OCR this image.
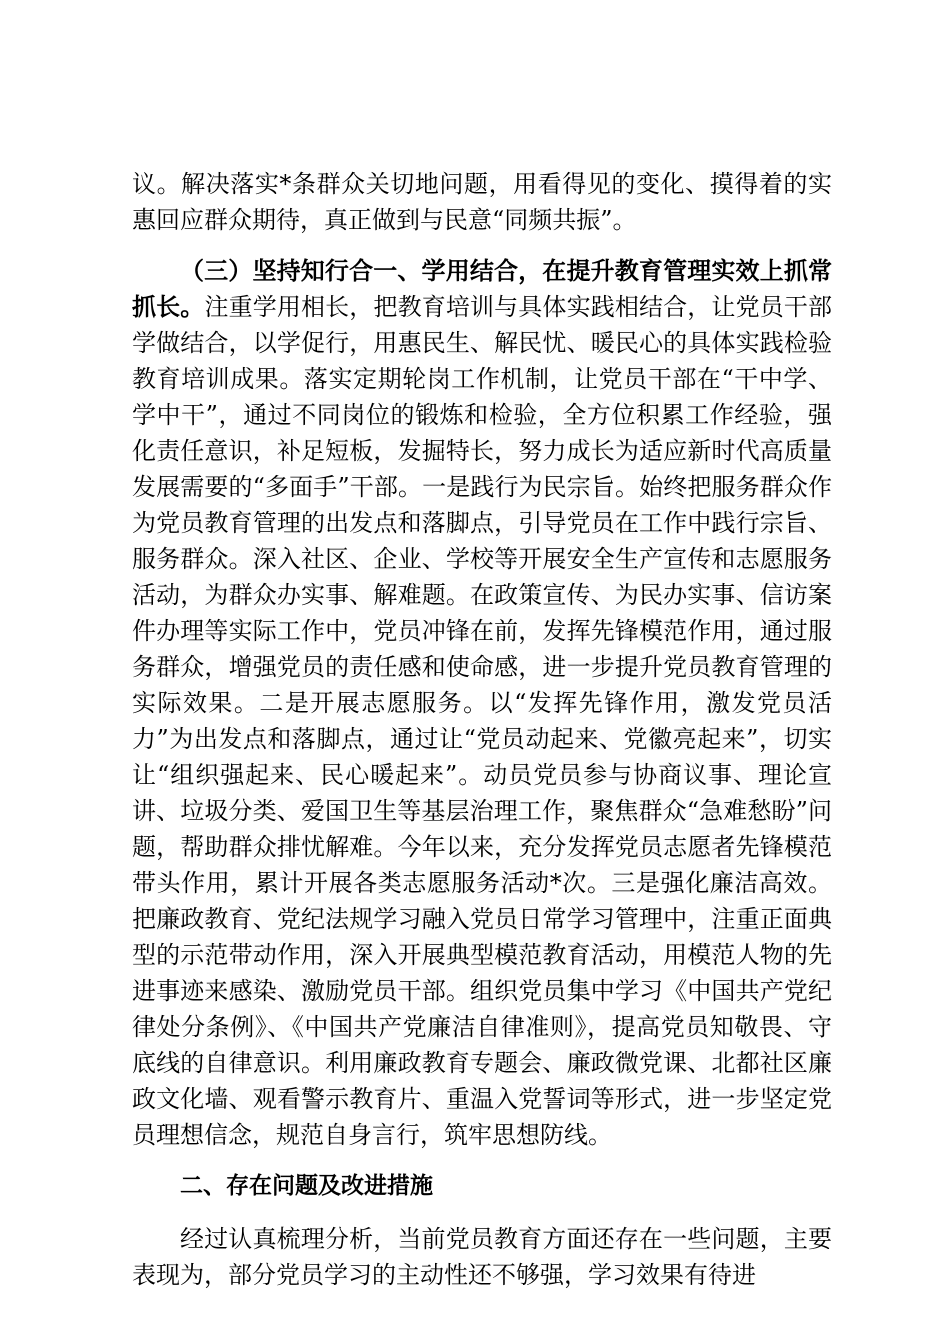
议。解决落实*条群众关切地问题，用看得见的变化、摸得着的实惠回应群众期待，真正做到与民意“同频共振”。

（三）坚持知行合一、学用结合，在提升教育管理实效上抓常抓长。注重学用相长，把教育培训与具体实践相结合，让党员干部学做结合，以学促行，用惠民生、解民忧、暖民心的具体实践检验教育培训成果。落实定期轮岗工作机制，让党员干部在“干中学、学中干”，通过不同岗位的锻炼和检验，全方位积累工作经验，强化责任意识，补足短板，发掘特长，努力成长为适应新时代高质量发展需要的“多面手”干部。一是践行为民宗旨。始终把服务群众作为党员教育管理的出发点和落脚点，引导党员在工作中践行宗旨、服务群众。深入社区、企业、学校等开展安全生产宣传和志愿服务活动，为群众办实事、解难题。在政策宣传、为民办实事、信访案件办理等实际工作中，党员冲锋在前，发挥先锋模范作用，通过服务群众，增强党员的责任感和使命感，进一步提升党员教育管理的实际效果。二是开展志愿服务。以“发挥先锋作用，激发党员活力”为出发点和落脚点，通过让“党员动起来、党徽亮起来”，切实让“组织强起来、民心暖起来”。动员党员参与协商议事、理论宣讲、垃圾分类、爱国卫生等基层治理工作，聚焦群众“急难愁盼”问题，帮助群众排忧解难。今年以来，充分发挥党员志愿者先锋模范带头作用，累计开展各类志愿服务活动*次。三是强化廉洁高效。把廉政教育、党纪法规学习融入党员日常学习管理中，注重正面典型的示范带动作用，深入开展典型模范教育活动，用模范人物的先进事迹来感染、激励党员干部。组织党员集中学习《中国共产党纪律处分条例》、《中国共产党廉洁自律准则》，提高党员知敬畏、守底线的自律意识。利用廉政教育专题会、廉政微党课、北都社区廉政文化墙、观看警示教育片、重温入党誓词等形式，进一步坚定党员理想信念，规范自身言行，筑牢思想防线。

二、存在问题及改进措施

经过认真梳理分析，当前党员教育方面还存在一些问题，主要表现为，部分党员学习的主动性还不够强，学习效果有待进
